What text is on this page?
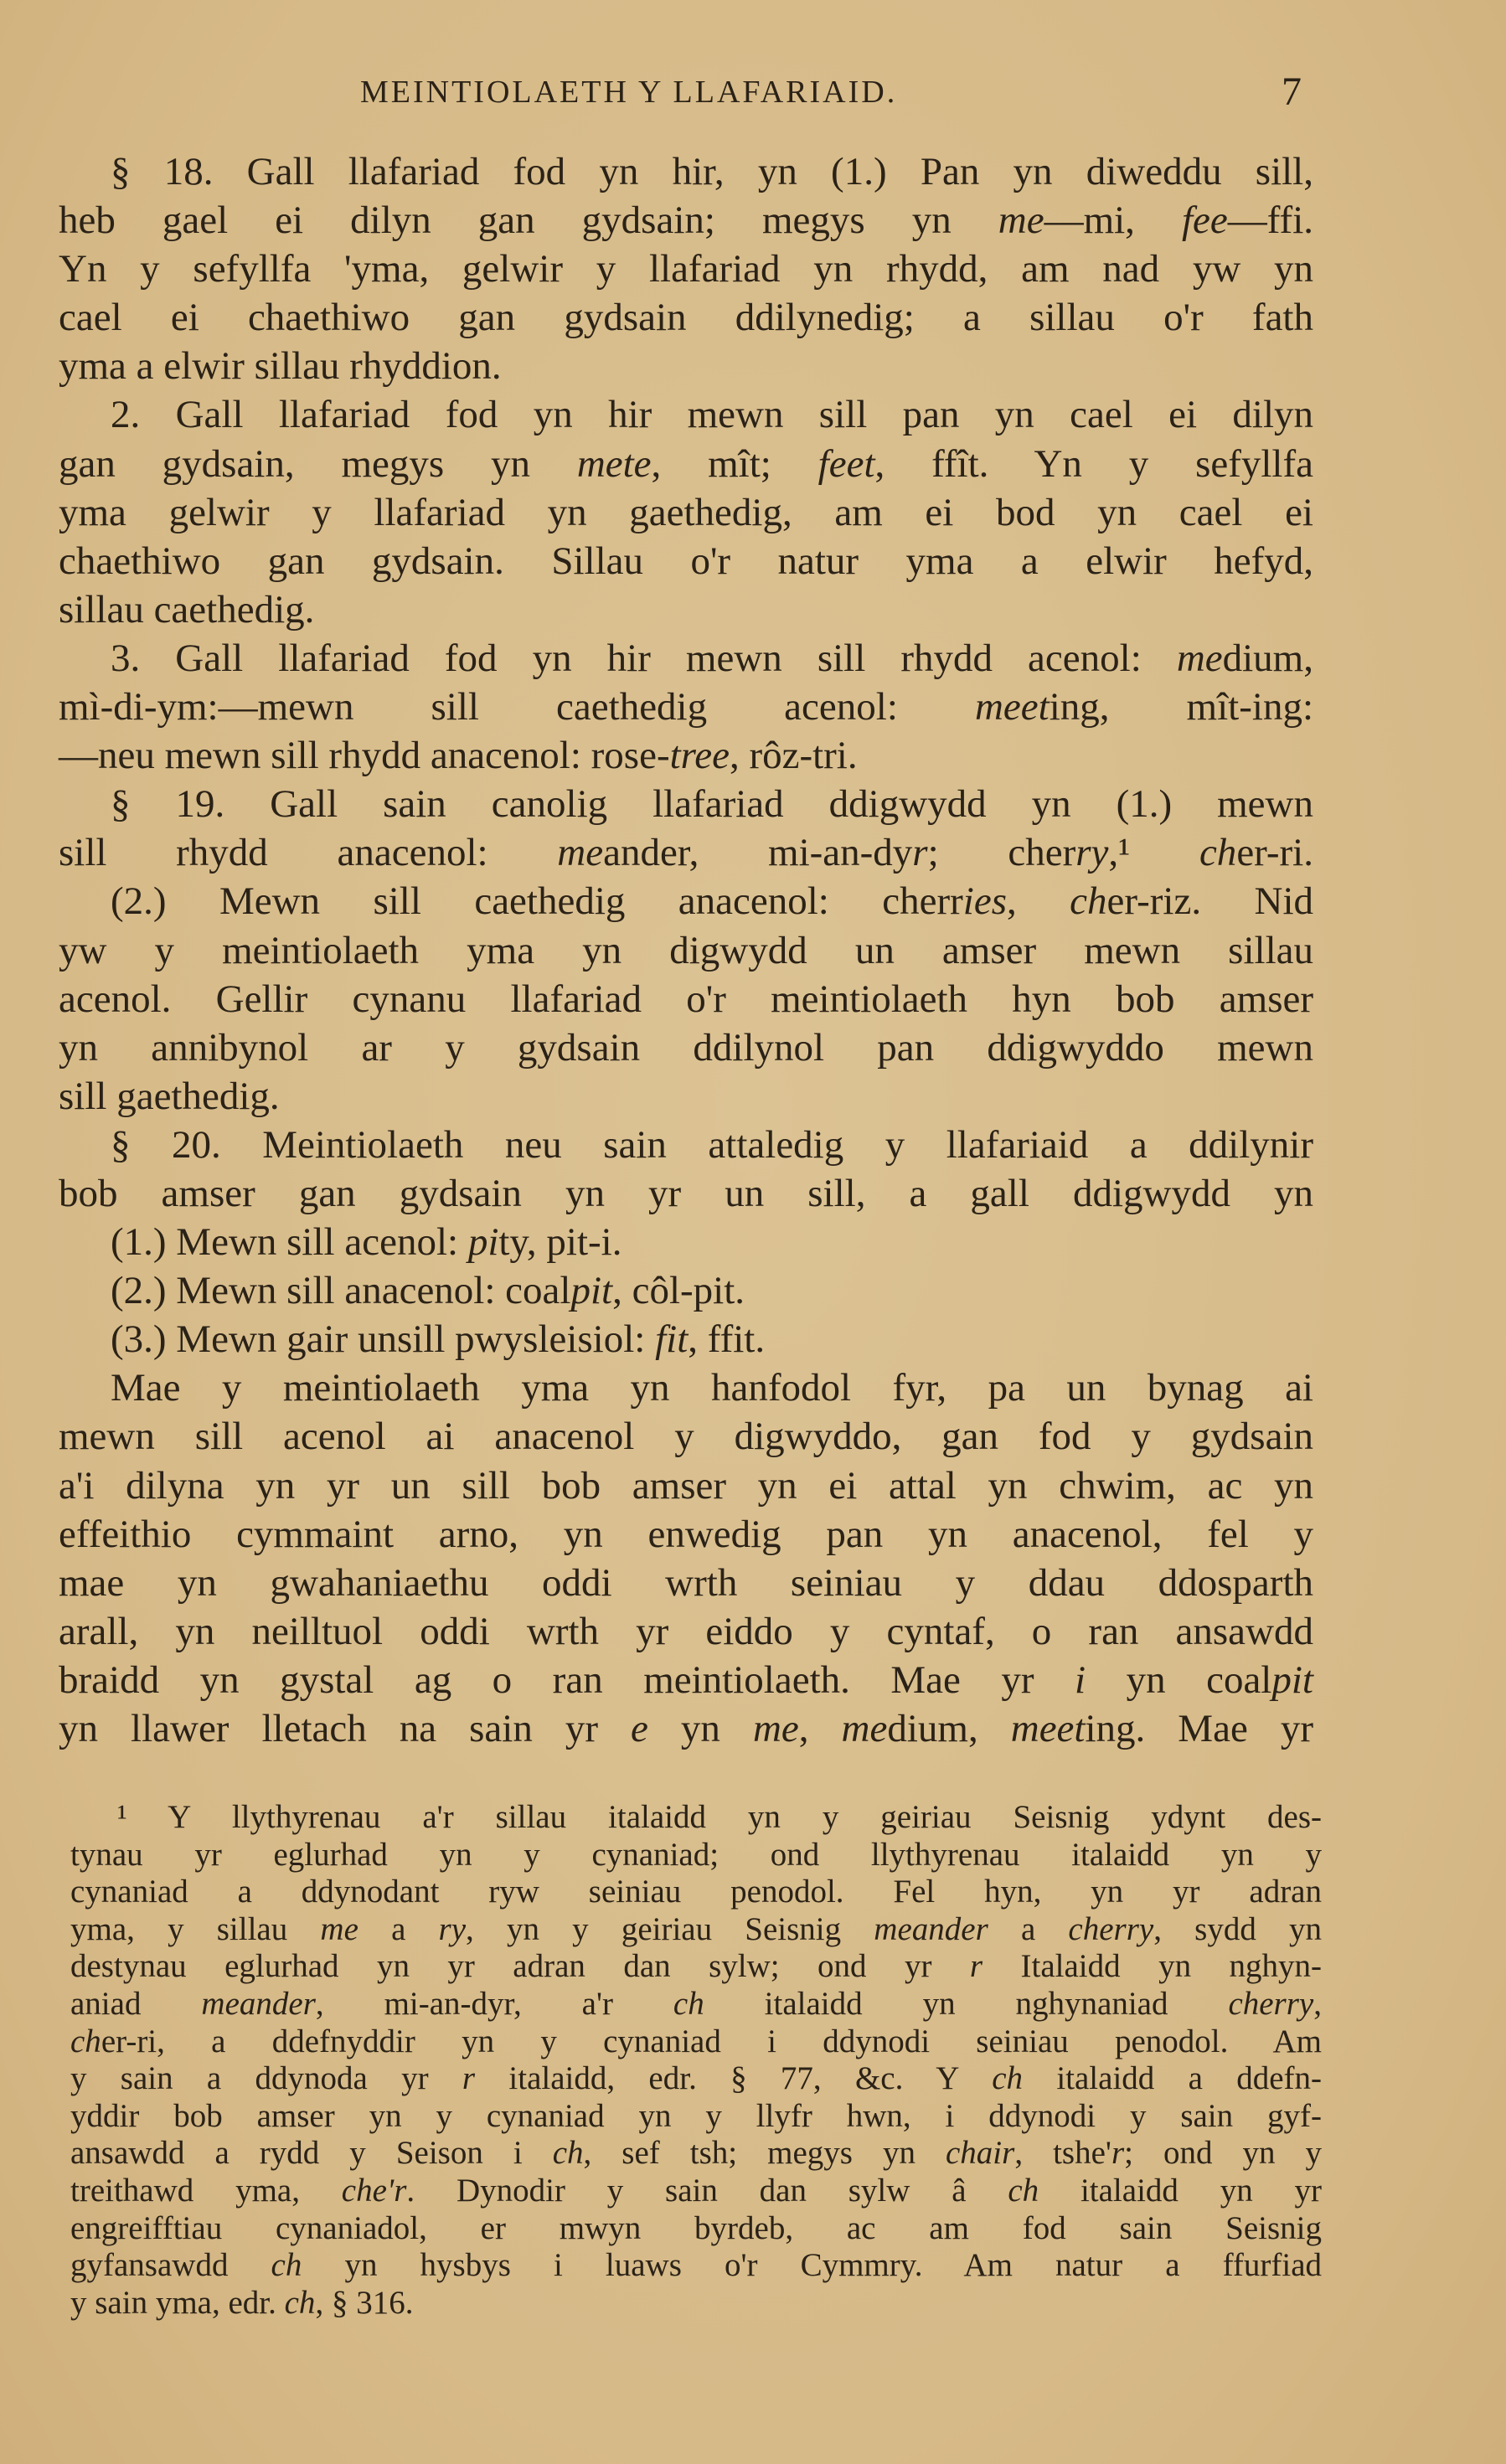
MEINTIOLAETH Y LLAFARIAID.	7
§ 18. Gall llafariad fod yn hir, yn (1.) Pan yn diweddu sill,
heb gael ei dilyn gan gydsain; megys yn me—mi, fee—ffi.
Yn y sefyllfa 'yma, gelwir y llafariad yn rhydd, am nad yw yn
cael ei chaethiwo gan gydsain ddilynedig; a sillau o'r fath
yma a elwir sillau rhyddion.
2. Gall llafariad fod yn hir mewn sill pan yn cael ei dilyn
gan gydsain, megys yn mete, mît; feet, ffît. Yn y sefyllfa
yma gelwir y llafariad yn gaethedig, am ei bod yn cael ei
chaethiwo gan gydsain. Sillau o'r natur yma a elwir hefyd,
sillau caethedig.
3. Gall llafariad fod yn hir mewn sill rhydd acenol: medium,
mì-di-ym:—mewn sill caethedig acenol: meeting, mît-ing:
—neu mewn sill rhydd anacenol: rose-tree, rôz-tri.
§ 19. Gall sain canolig llafariad ddigwydd yn (1.) mewn
sill rhydd anacenol: meander, mi-an-dyr; cherry,¹ cher-ri.
(2.) Mewn sill caethedig anacenol: cherries, cher-riz. Nid
yw y meintiolaeth yma yn digwydd un amser mewn sillau
acenol. Gellir cynanu llafariad o'r meintiolaeth hyn bob amser
yn annibynol ar y gydsain ddilynol pan ddigwyddo mewn
sill gaethedig.
§ 20. Meintiolaeth neu sain attaledig y llafariaid a ddilynir
bob amser gan gydsain yn yr un sill, a gall ddigwydd yn
(1.) Mewn sill acenol: pity, pit-i.
(2.) Mewn sill anacenol: coalpit, côl-pit.
(3.) Mewn gair unsill pwysleisiol: fit, ffit.
Mae y meintiolaeth yma yn hanfodol fyr, pa un bynag ai
mewn sill acenol ai anacenol y digwyddo, gan fod y gydsain
a'i dilyna yn yr un sill bob amser yn ei attal yn chwim, ac yn
effeithio cymmaint arno, yn enwedig pan yn anacenol, fel y
mae yn gwahaniaethu oddi wrth seiniau y ddau ddosparth
arall, yn neilltuol oddi wrth yr eiddo y cyntaf, o ran ansawdd
braidd yn gystal ag o ran meintiolaeth. Mae yr i yn coalpit
yn llawer lletach na sain yr e yn me, medium, meeting. Mae yr
¹ Y llythyrenau a'r sillau italaidd yn y geiriau Seisnig ydynt des-
tynau yr eglurhad yn y cynaniad; ond llythyrenau italaidd yn y
cynaniad a ddynodant ryw seiniau penodol. Fel hyn, yn yr adran
yma, y sillau me a ry, yn y geiriau Seisnig meander a cherry, sydd yn
destynau eglurhad yn yr adran dan sylw; ond yr r Italaidd yn nghyn-
aniad meander, mi-an-dyr, a'r ch italaidd yn nghynaniad cherry,
cher-ri, a ddefnyddir yn y cynaniad i ddynodi seiniau penodol. Am
y sain a ddynoda yr r italaidd, edr. § 77, &c. Y ch italaidd a ddefn-
yddir bob amser yn y cynaniad yn y llyfr hwn, i ddynodi y sain gyf-
ansawdd a rydd y Seison i ch, sef tsh; megys yn chair, tshe'r; ond yn y
treithawd yma, che'r. Dynodir y sain dan sylw â ch italaidd yn yr
engreifftiau cynaniadol, er mwyn byrdeb, ac am fod sain Seisnig
gyfansawdd ch yn hysbys i luaws o'r Cymmry. Am natur a ffurfiad
y sain yma, edr. ch, § 316.
